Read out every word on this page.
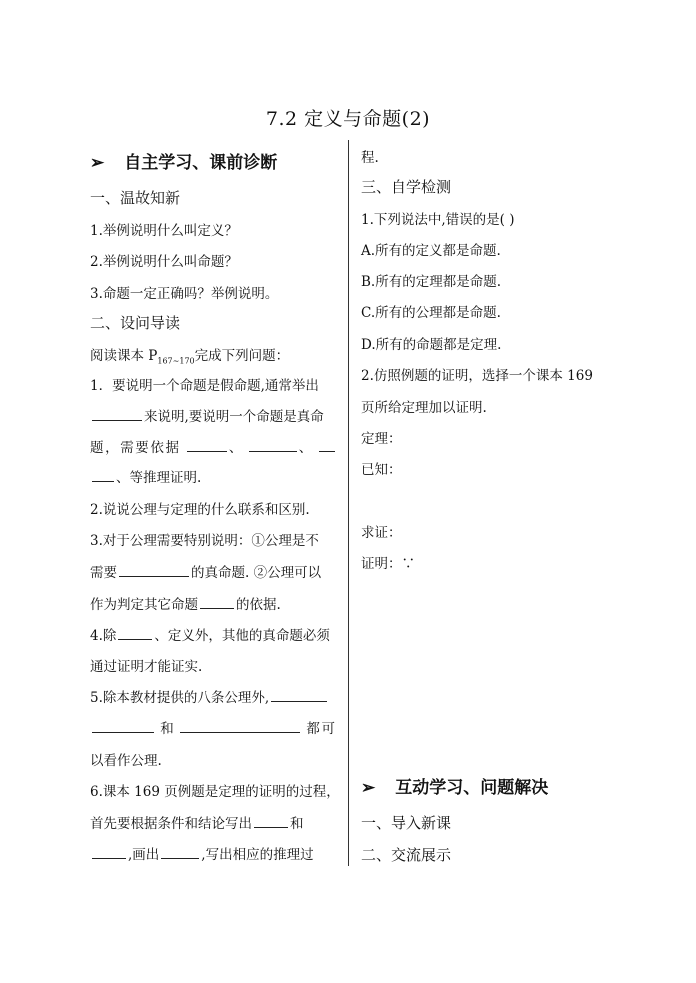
7.2 定义与命题(2)
➢ 自主学习、课前诊断
一、温故知新
1.举例说明什么叫定义？
2.举例说明什么叫命题？
3.命题一定正确吗？举例说明。
二、设问导读
阅读课本 $P_{167\sim 170}$完成下列问题：
1．要说明一个命题是假命题,通常举出
来说明,要说明一个命题是真命
题，需要依据	、	、
、等推理证明.
2.说说公理与定理的什么联系和区别.
3.对于公理需要特别说明：①公理是不
需要	的真命题. ②公理可以
作为判定其它命题	的依据.
4.除	、定义外，其他的真命题必须
通过证明才能证实.
5.除本教材提供的八条公理外,
和	都可
以看作公理.
6.课本 169 页例题是定理的证明的过程，
首先要根据条件和结论写出	和
,画出	,写出相应的推理过
程.
三、自学检测
1.下列说法中,错误的是( )
A.所有的定义都是命题.
B.所有的定理都是命题.
C.所有的公理都是命题.
D.所有的命题都是定理.
2.仿照例题的证明，选择一个课本 169
页所给定理加以证明.
定理：
已知：
求证：
证明：∵
➢ 互动学习、问题解决
一、导入新课
二、交流展示
